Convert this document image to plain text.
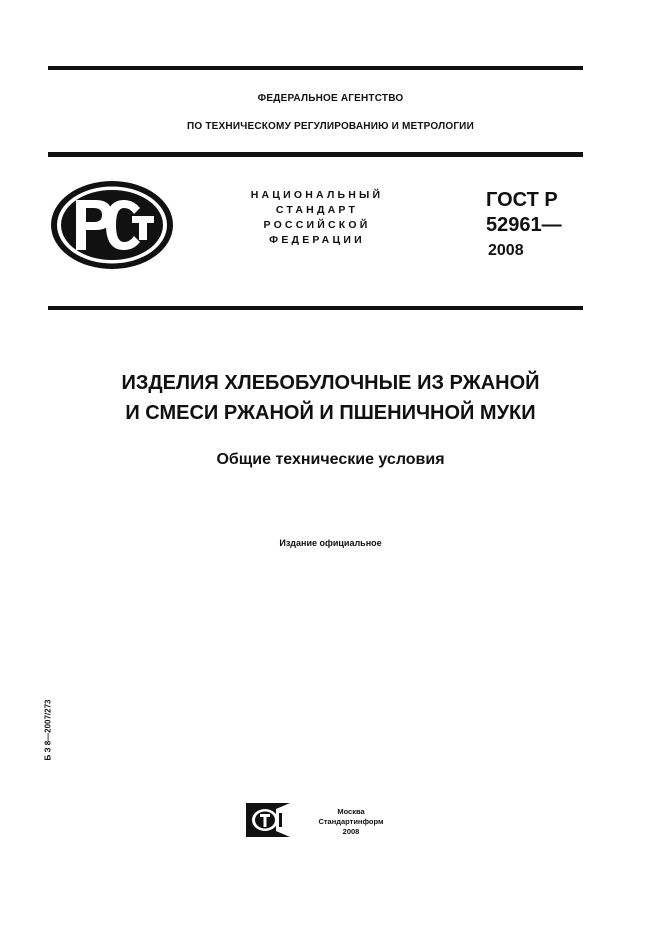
ФЕДЕРАЛЬНОЕ АГЕНТСТВО
ПО ТЕХНИЧЕСКОМУ РЕГУЛИРОВАНИЮ И МЕТРОЛОГИИ
НАЦИОНАЛЬНЫЙ
СТАНДАРТ
РОССИЙСКОЙ
ФЕДЕРАЦИИ
ГОСТ Р
52961—
2008
ИЗДЕЛИЯ ХЛЕБОБУЛОЧНЫЕ ИЗ РЖАНОЙ
И СМЕСИ РЖАНОЙ И ПШЕНИЧНОЙ МУКИ
Общие технические условия
Издание официальное
Б З 8—2007/273
Москва
Стандартинформ
2008
